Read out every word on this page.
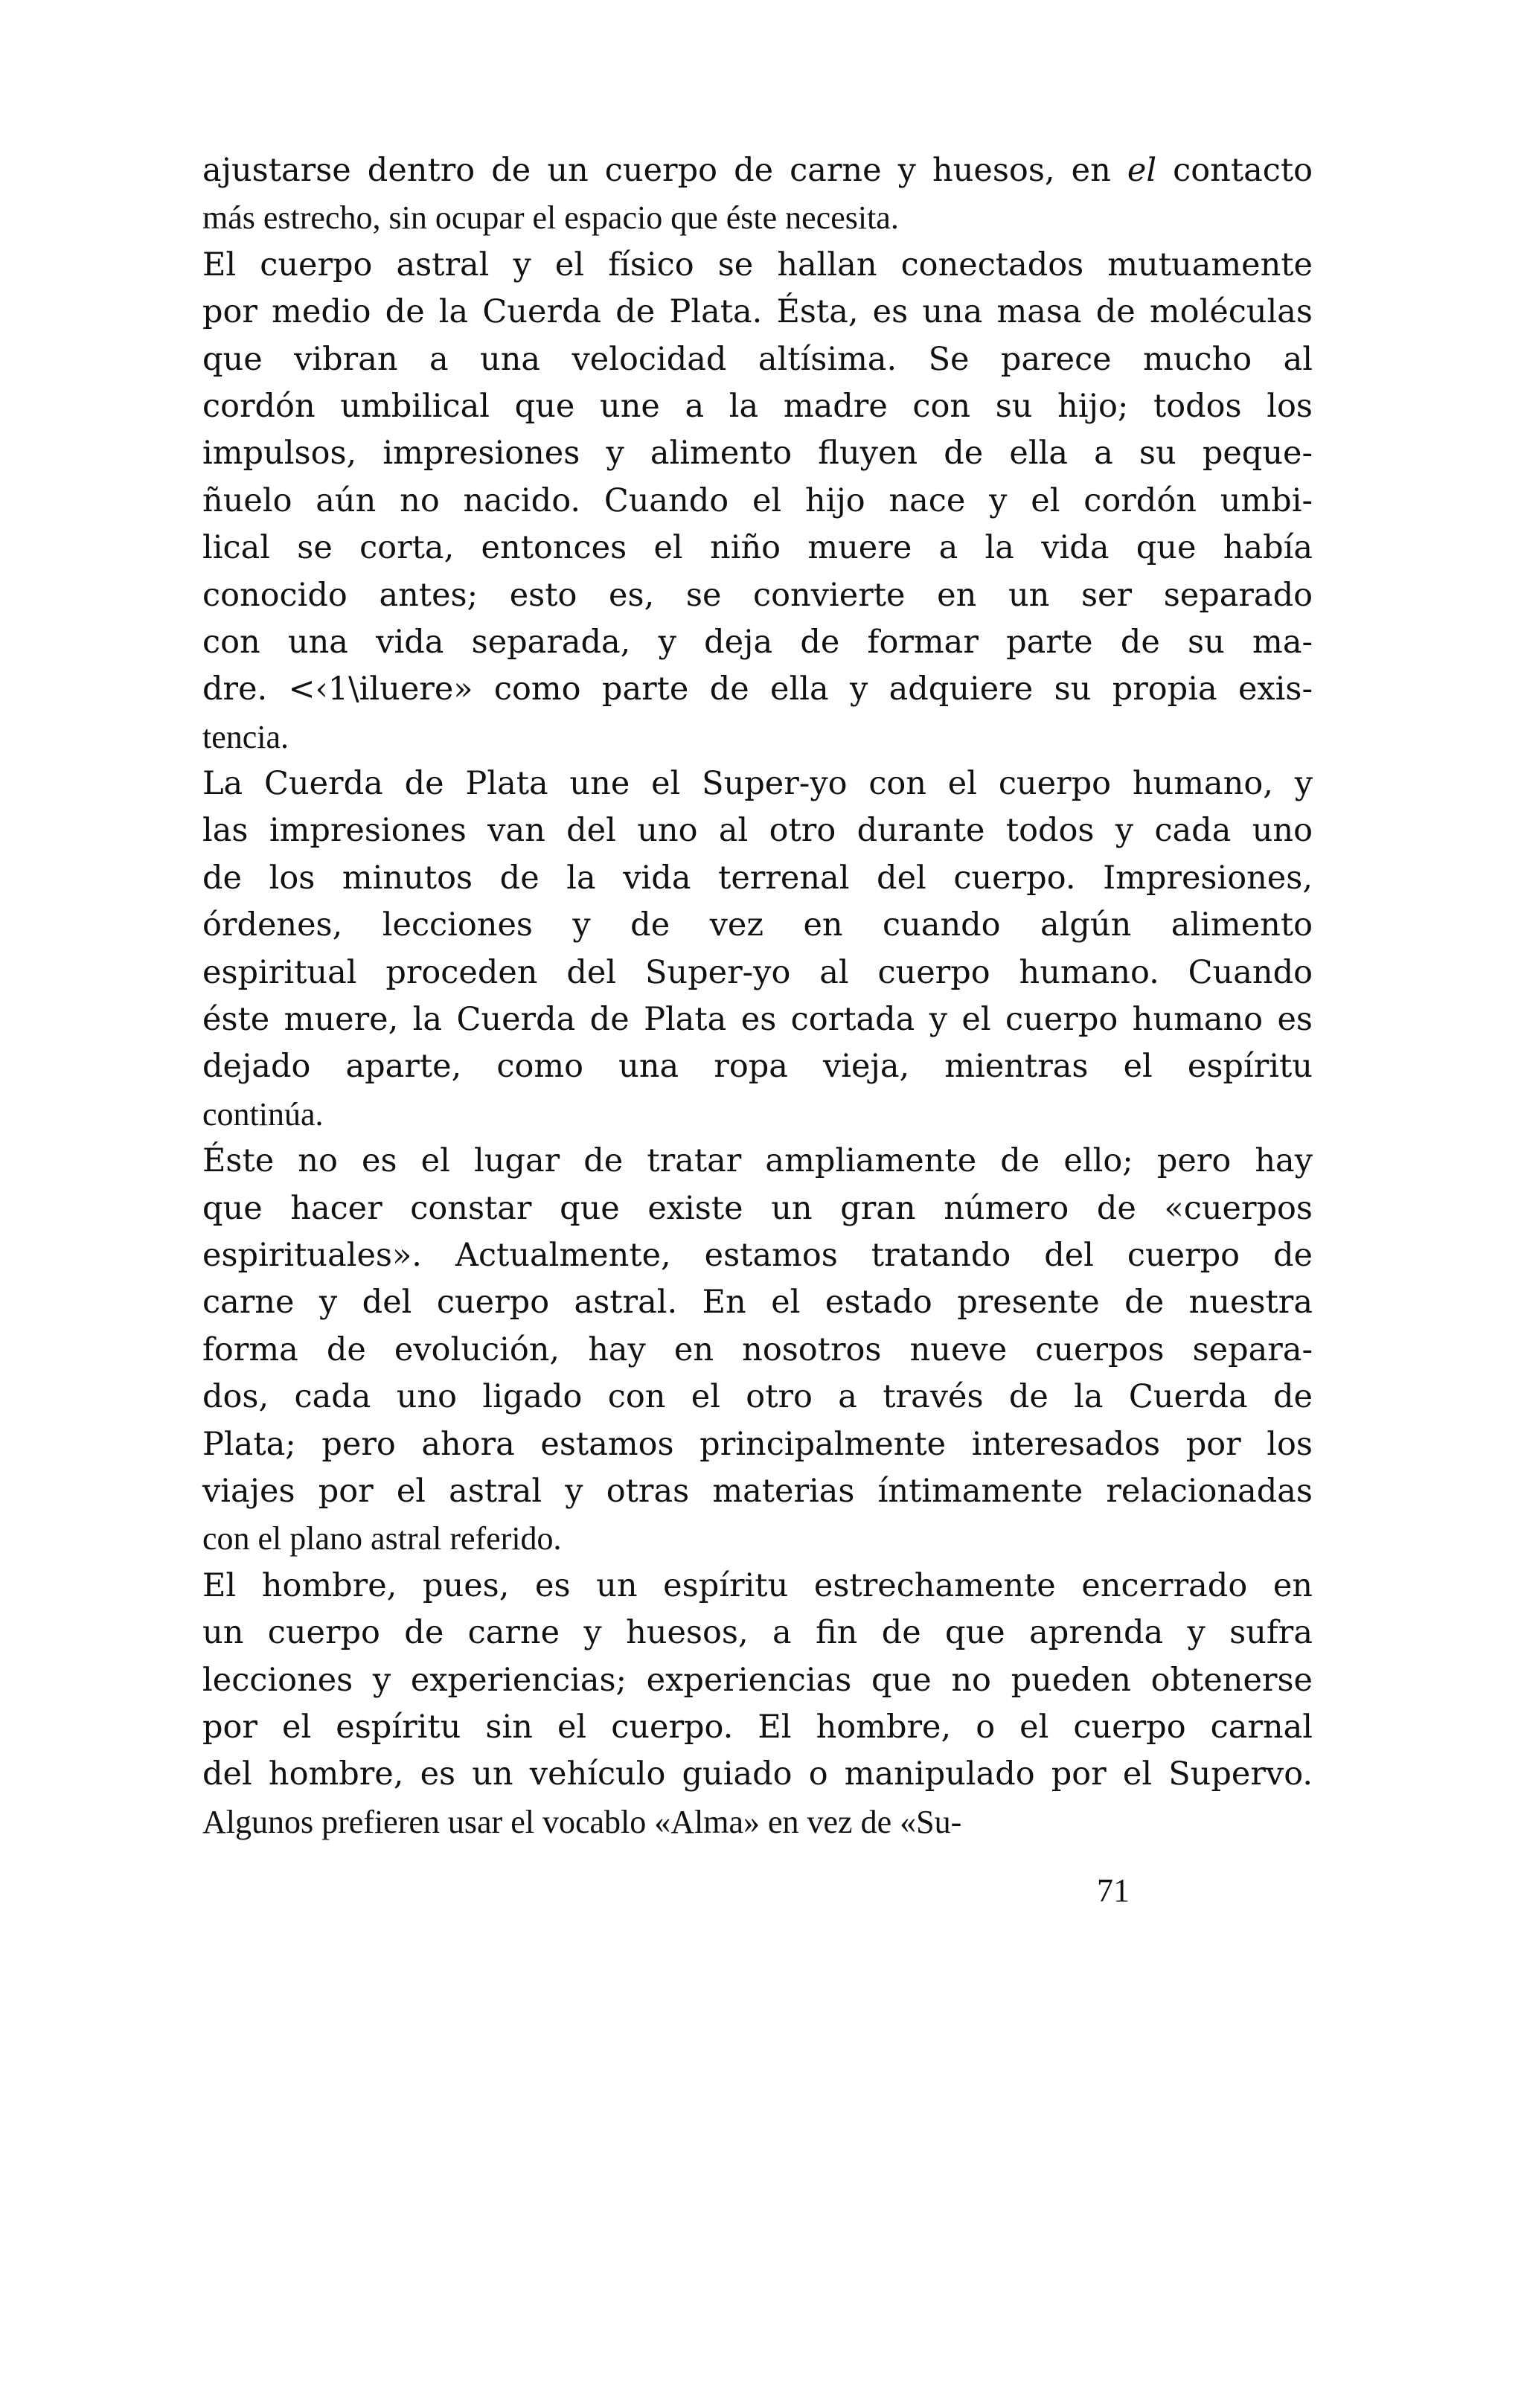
ajustarse dentro de un cuerpo de carne y huesos, en el contacto
más estrecho, sin ocupar el espacio que éste necesita.
El cuerpo astral y el físico se hallan conectados mutuamente
por medio de la Cuerda de Plata. Ésta, es una masa de moléculas
que vibran a una velocidad altísima. Se parece mucho al
cordón umbilical que une a la madre con su hijo; todos los
impulsos, impresiones y alimento fluyen de ella a su peque-
ñuelo aún no nacido. Cuando el hijo nace y el cordón umbi-
lical se corta, entonces el niño muere a la vida que había
conocido antes; esto es, se convierte en un ser separado
con una vida separada, y deja de formar parte de su ma-
dre. <‹1\iluere» como parte de ella y adquiere su propia exis-
tencia.
La Cuerda de Plata une el Super-yo con el cuerpo humano, y
las impresiones van del uno al otro durante todos y cada uno
de los minutos de la vida terrenal del cuerpo. Impresiones,
órdenes, lecciones y de vez en cuando algún alimento
espiritual proceden del Super-yo al cuerpo humano. Cuando
éste muere, la Cuerda de Plata es cortada y el cuerpo humano es
dejado aparte, como una ropa vieja, mientras el espíritu
continúa.
Éste no es el lugar de tratar ampliamente de ello; pero hay
que hacer constar que existe un gran número de «cuerpos
espirituales». Actualmente, estamos tratando del cuerpo de
carne y del cuerpo astral. En el estado presente de nuestra
forma de evolución, hay en nosotros nueve cuerpos separa-
dos, cada uno ligado con el otro a través de la Cuerda de
Plata; pero ahora estamos principalmente interesados por los
viajes por el astral y otras materias íntimamente relacionadas
con el plano astral referido.
El hombre, pues, es un espíritu estrechamente encerrado en
un cuerpo de carne y huesos, a fin de que aprenda y sufra
lecciones y experiencias; experiencias que no pueden obtenerse
por el espíritu sin el cuerpo. El hombre, o el cuerpo carnal
del hombre, es un vehículo guiado o manipulado por el Supervo.
Algunos prefieren usar el vocablo «Alma» en vez de «Su-
71
